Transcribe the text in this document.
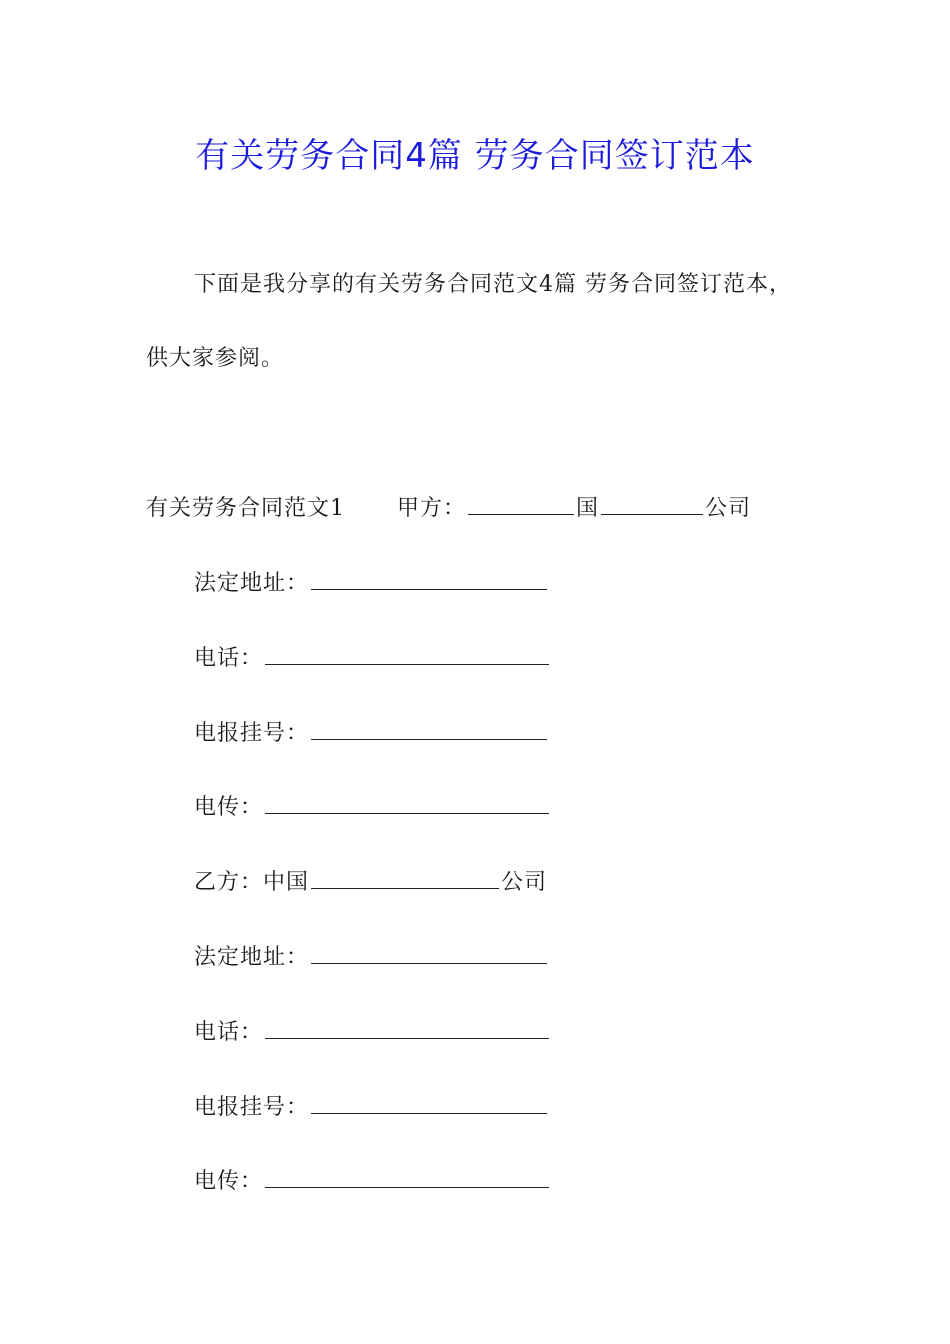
有关劳务合同4篇 劳务合同签订范本
下面是我分享的有关劳务合同范文4篇 劳务合同签订范本，
供大家参阅。
有关劳务合同范文1 甲方：	国	公司
法定地址：
电话：
电报挂号：
电传：
乙方：中国	公司
法定地址：
电话：
电报挂号：
电传：
